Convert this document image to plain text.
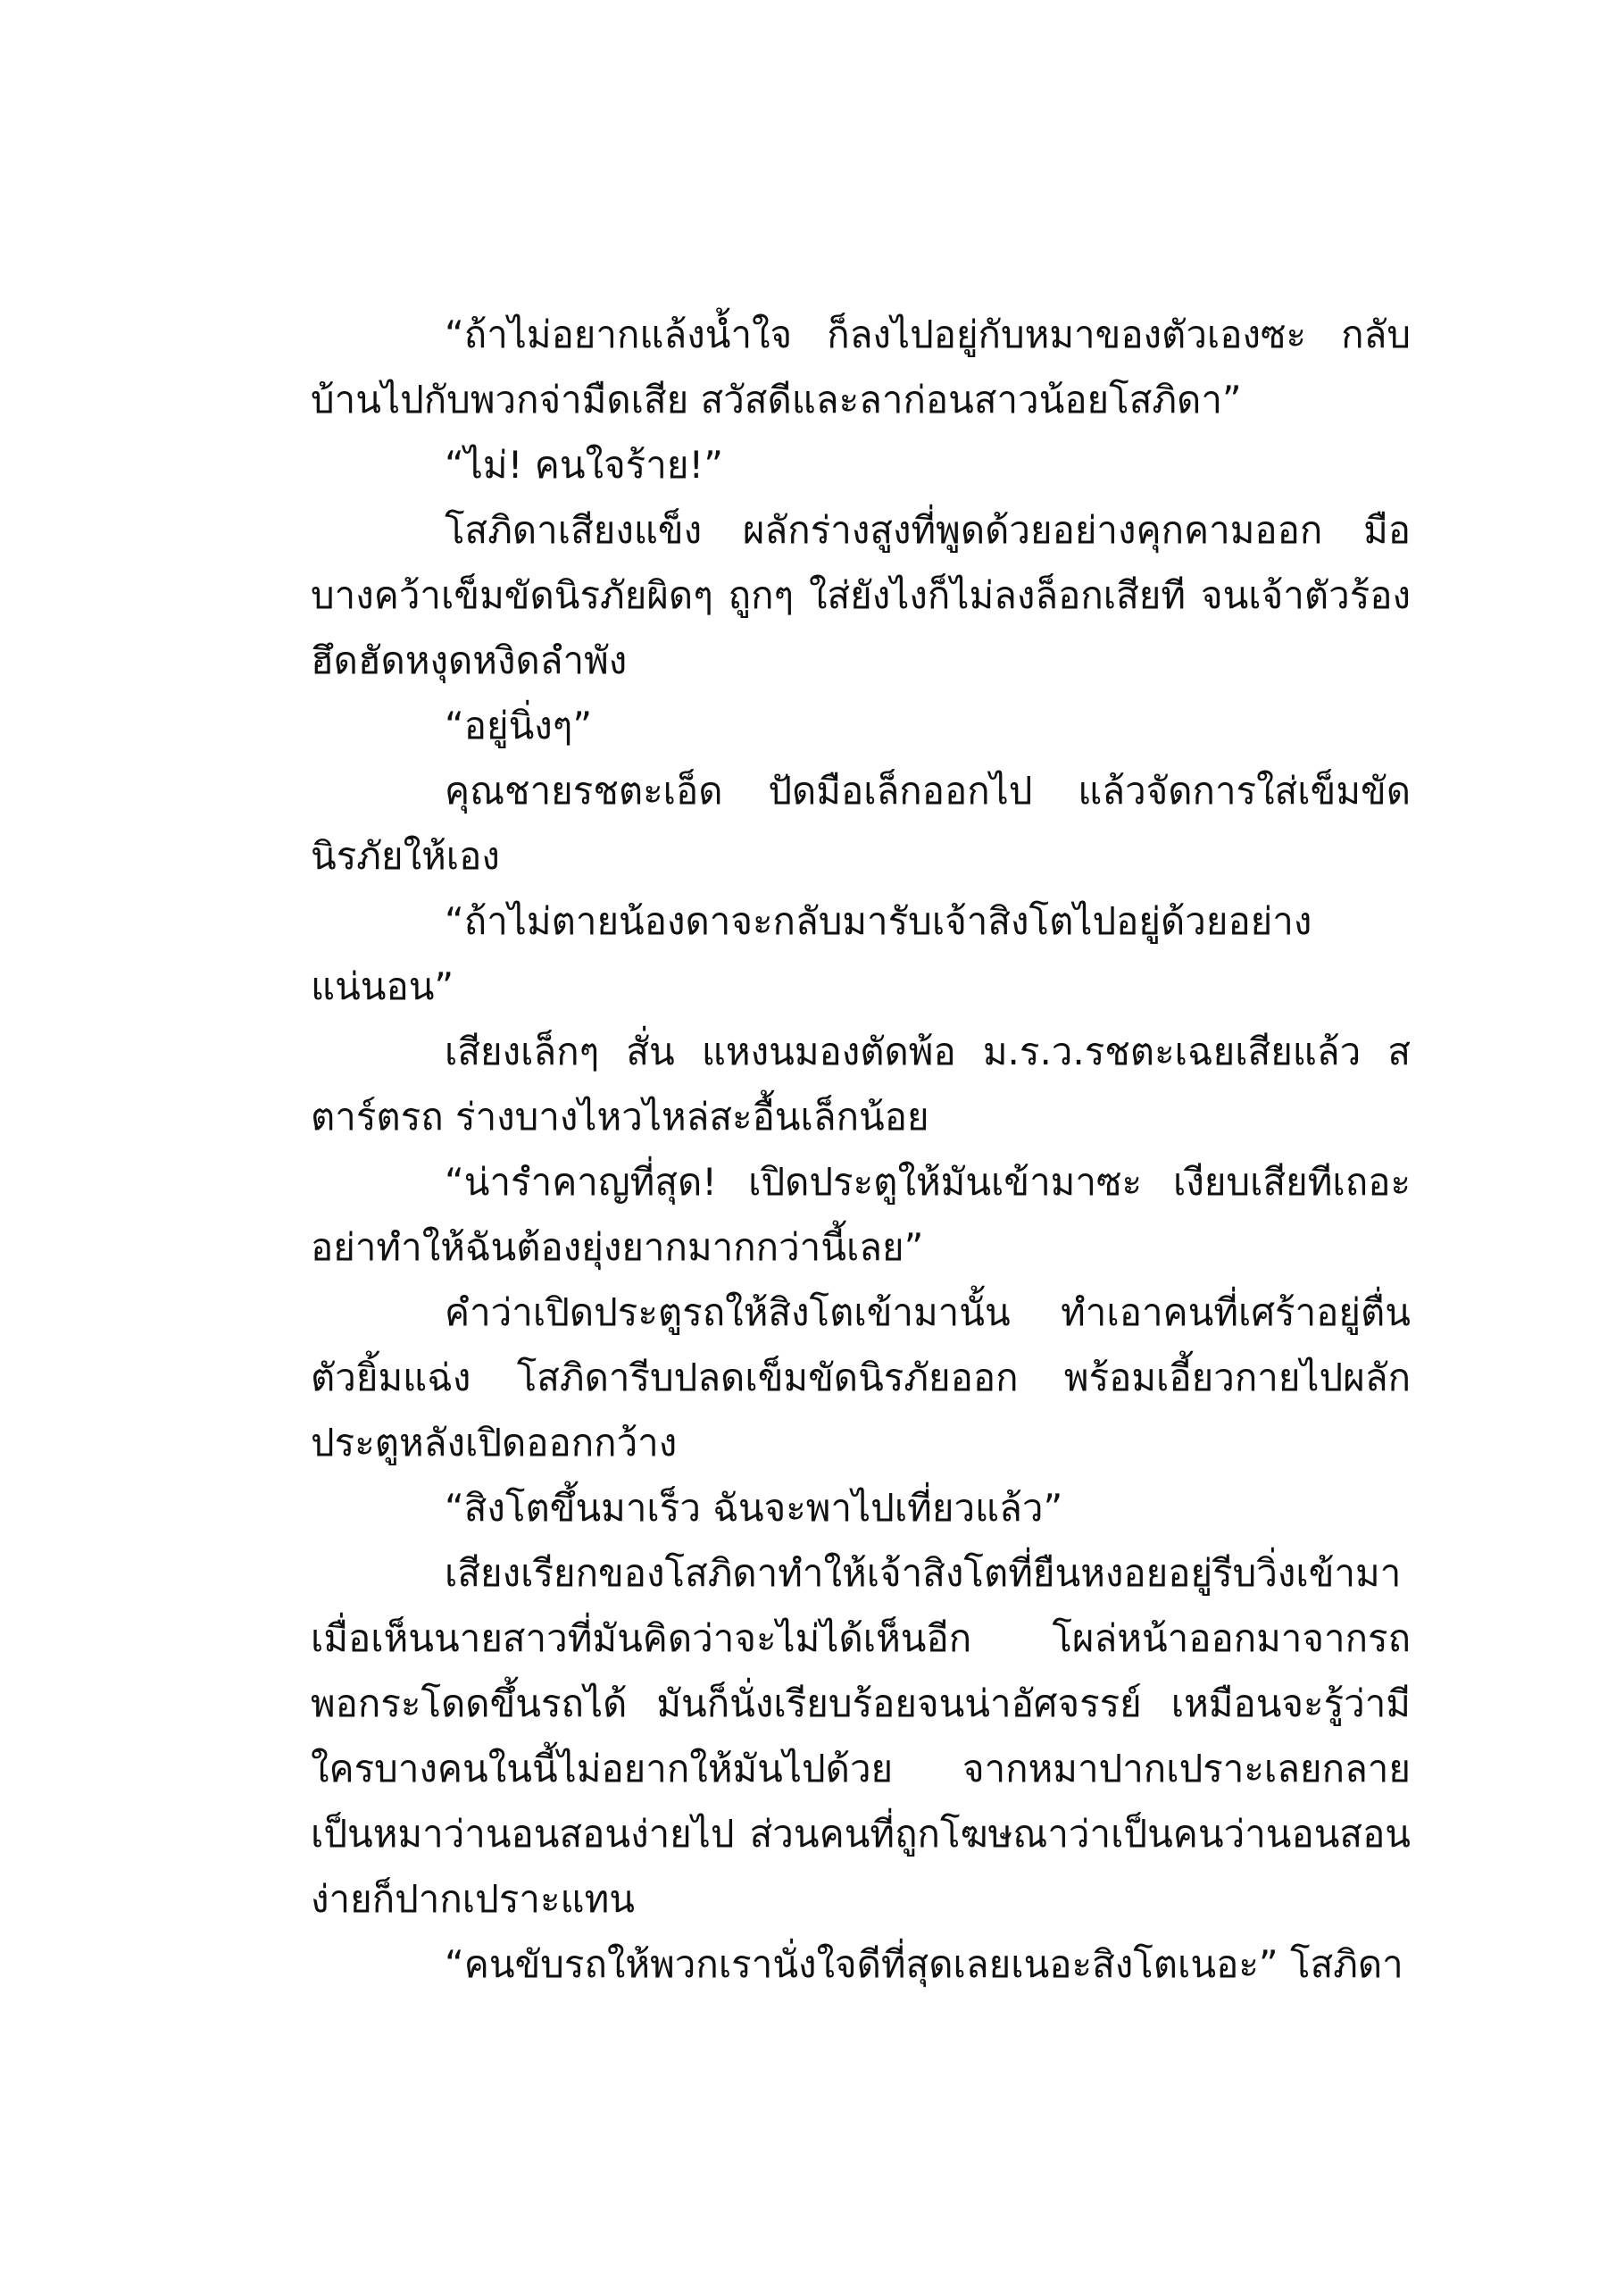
“ถ้าไม่อยากแล้งน้ำใจ ก็ลงไปอยู่กับหมาของตัวเองซะ กลับบ้านไปกับพวกจ่ามืดเสีย สวัสดีและลาก่อนสาวน้อยโสภิดา”

“ไม่! คนใจร้าย!”

โสภิดาเสียงแข็ง ผลักร่างสูงที่พูดด้วยอย่างคุกคามออก มือบางคว้าเข็มขัดนิรภัยผิดๆ ถูกๆ ใส่ยังไงก็ไม่ลงล็อกเสียที จนเจ้าตัวร้องฮึดฮัดหงุดหงิดลำพัง

“อยู่นิ่งๆ”

คุณชายรชตะเอ็ด ปัดมือเล็กออกไป แล้วจัดการใส่เข็มขัดนิรภัยให้เอง

“ถ้าไม่ตายน้องดาจะกลับมารับเจ้าสิงโตไปอยู่ด้วยอย่างแน่นอน”

เสียงเล็กๆ สั่น แหงนมองตัดพ้อ ม.ร.ว.รชตะเฉยเสียแล้ว สตาร์ตรถ ร่างบางไหวไหล่สะอื้นเล็กน้อย

“น่ารำคาญที่สุด! เปิดประตูให้มันเข้ามาซะ เงียบเสียทีเถอะ อย่าทำให้ฉันต้องยุ่งยากมากกว่านี้เลย”

คำว่าเปิดประตูรถให้สิงโตเข้ามานั้น ทำเอาคนที่เศร้าอยู่ตื่นตัวยิ้มแฉ่ง โสภิดารีบปลดเข็มขัดนิรภัยออก พร้อมเอี้ยวกายไปผลักประตูหลังเปิดออกกว้าง

“สิงโตขึ้นมาเร็ว ฉันจะพาไปเที่ยวแล้ว”

เสียงเรียกของโสภิดาทำให้เจ้าสิงโตที่ยืนหงอยอยู่รีบวิ่งเข้ามา เมื่อเห็นนายสาวที่มันคิดว่าจะไม่ได้เห็นอีก โผล่หน้าออกมาจากรถ พอกระโดดขึ้นรถได้ มันก็นั่งเรียบร้อยจนน่าอัศจรรย์ เหมือนจะรู้ว่ามีใครบางคนในนี้ไม่อยากให้มันไปด้วย จากหมาปากเปราะเลยกลายเป็นหมาว่านอนสอนง่ายไป ส่วนคนที่ถูกโฆษณาว่าเป็นคนว่านอนสอนง่ายก็ปากเปราะแทน

“คนขับรถให้พวกเรานั่งใจดีที่สุดเลยเนอะสิงโตเนอะ” โสภิดา
